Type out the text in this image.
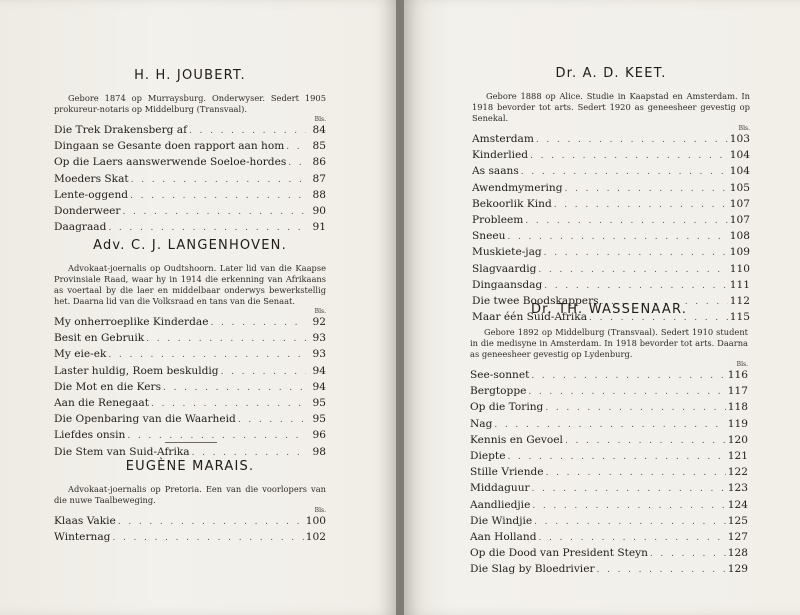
H. H. JOUBERT.

Gebore 1874 op Murraysburg. Onderwyser. Sedert 1905 prokureur-notaris op Middelburg (Transvaal).

Bls.
Die Trek Drakensberg af . . .	84
Dingaan se Gesante doen rapport aan hom . . .	85
Op die Laers aanswerwende Soeloe-hordes . . .	86
Moeders Skat . . .	87
Lente-oggend . . .	88
Donderweer . . .	90
Daagraad . . .	91
Adv. C. J. LANGENHOVEN.

Advokaat-joernalis op Oudtshoorn. Later lid van die Kaapse Provinsiale Raad, waar hy in 1914 die erkenning van Afrikaans as voertaal by die laer en middelbaar onderwys bewerkstellig het. Daarna lid van die Volksraad en tans van die Senaat.

Bls.
My onherroeplike Kinderdae . . .	92
Besit en Gebruik . . .	93
My eie-ek . . .	93
Laster huldig, Roem beskuldig . . .	94
Die Mot en die Kers . . .	94
Aan die Renegaat . . .	95
Die Openbaring van die Waarheid . . .	95
Liefdes onsin . . .	96
Die Stem van Suid-Afrika . . .	98
EUGÈNE MARAIS.

Advokaat-joernalis op Pretoria. Een van die voorlopers van die nuwe Taalbeweging.

Bls.
Klaas Vakie . . .	100
Winternag . . .	102
Dr. A. D. KEET.

Gebore 1888 op Alice. Studie in Kaapstad en Amsterdam. In 1918 bevorder tot arts. Sedert 1920 as geneesheer gevestig op Senekal.

Bls.
Amsterdam . . .	103
Kinderlied . . .	104
As saans . . .	104
Awendmymering . . .	105
Bekoorlik Kind . . .	107
Probleem . . .	107
Sneeu . . .	108
Muskiete-jag . . .	109
Slagvaardig . . .	110
Dingaansdag . . .	111
Die twee Boodskappers . . .	112
Maar één Suid-Afrika . . .	115
Dr. TH. WASSENAAR.

Gebore 1892 op Middelburg (Transvaal). Sedert 1910 student in die medisyne in Amsterdam. In 1918 bevorder tot arts. Daarna as geneesheer gevestig op Lydenburg.

Bls.
See-sonnet . . .	116
Bergtoppe . . .	117
Op die Toring . . .	118
Nag . . .	119
Kennis en Gevoel . . .	120
Diepte . . .	121
Stille Vriende . . .	122
Middaguur . . .	123
Aandliedjie . . .	124
Die Windjie . . .	125
Aan Holland . . .	127
Op die Dood van President Steyn . . .	128
Die Slag by Bloedrivier . . .	129
